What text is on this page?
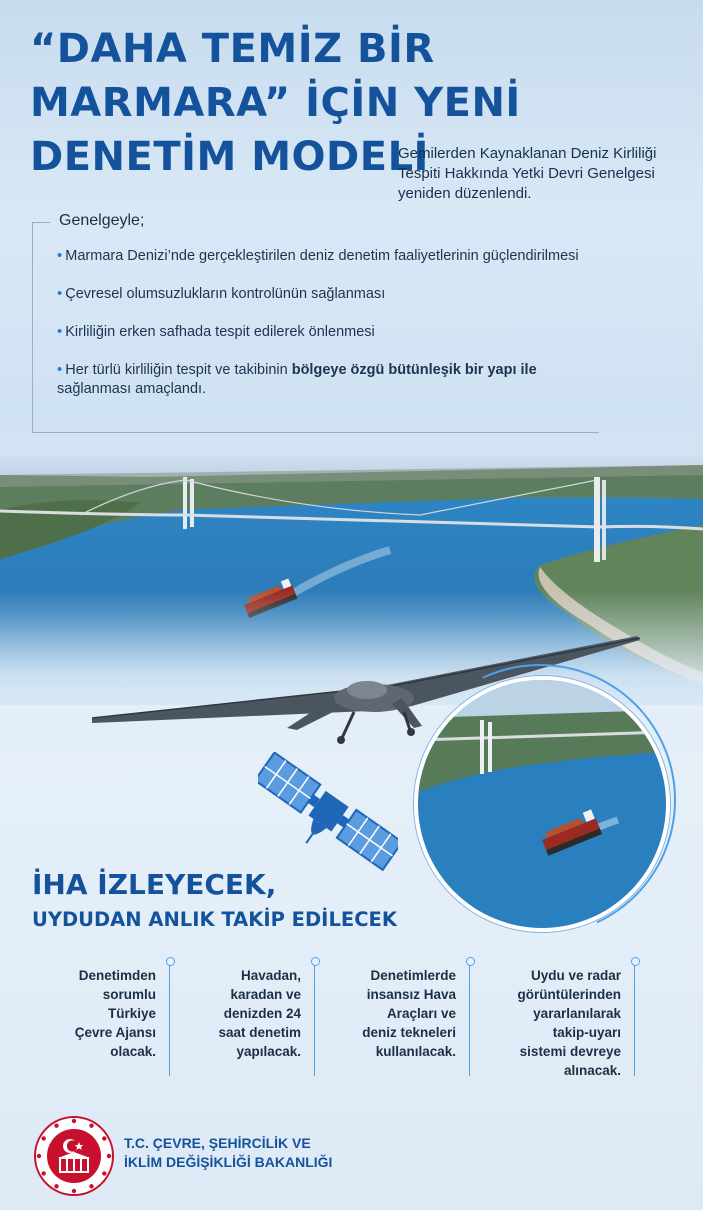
“DAHA TEMİZ BİR
MARMARA” İÇİN YENİ
DENETİM MODELİ
Gemilerden Kaynaklanan Deniz Kirliliği Tespiti Hakkında Yetki Devri Genelgesi yeniden düzenlendi.
Genelgeyle;
• Marmara Denizi’nde gerçekleştirilen deniz denetim faaliyetlerinin güçlendirilmesi
• Çevresel olumsuzlukların kontrolünün sağlanması
• Kirliliğin erken safhada tespit edilerek önlenmesi
• Her türlü kirliliğin tespit ve takibinin bölgeye özgü bütünleşik bir yapı ile sağlanması amaçlandı.
İHA İZLEYECEK,
UYDUDAN ANLIK TAKİP EDİLECEK
Denetimden
sorumlu
Türkiye
Çevre Ajansı
olacak.
Havadan,
karadan ve
denizden 24
saat denetim
yapılacak.
Denetimlerde
insansız Hava
Araçları ve
deniz tekneleri
kullanılacak.
Uydu ve radar
görüntülerinden
yararlanılarak
takip-uyarı
sistemi devreye
alınacak.
T.C. ÇEVRE, ŞEHİRCİLİK VE
İKLİM DEĞİŞİKLİĞİ BAKANLIĞI
